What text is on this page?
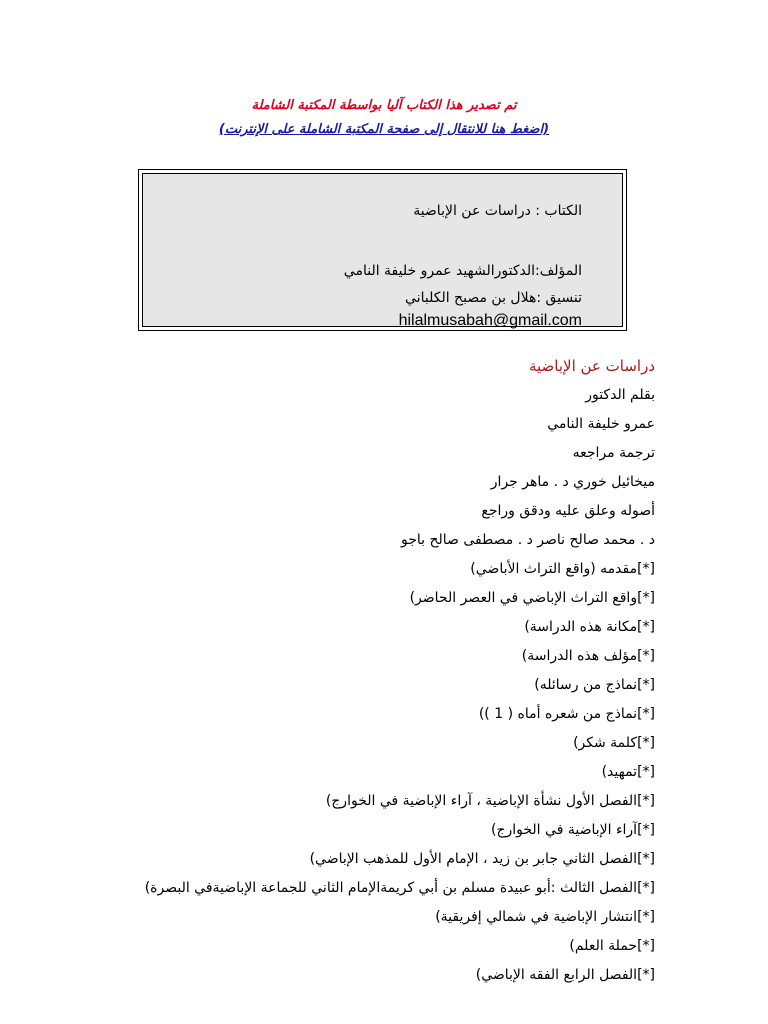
تم تصدير هذا الكتاب آليا بواسطة المكتبة الشاملة
(اضغط هنا للانتقال إلى صفحة المكتبة الشاملة على الإنترنت)
الكتاب : دراسات عن الإباضية
المؤلف:الدكتورالشهيد عمرو خليفة النامي
تنسيق :هلال بن مصبح الكلباني
hilalmusabah@gmail.com
دراسات عن الإباضية
بقلم الدكتور
عمرو خليفة النامي
ترجمة مراجعه
ميخائيل خوري د . ماهر جرار
أصوله وعلق عليه ودقق وراجع
د . محمد صالح ناصر د . مصطفى صالح باجو
[*]مقدمه (واقع التراث الأباضي)
[*]واقع التراث الإباضي في العصر الحاضر)
[*]مكانة هذه الدراسة)
[*]مؤلف هذه الدراسة)
[*]نماذج من رسائله)
[*]نماذج من شعره أماه ( 1 ))
[*]كلمة شكر)
[*]تمهيد)
[*]الفصل الأول نشأة الإباضية ، آراء الإباضية في الخوارج)
[*]آراء الإباضية في الخوارج)
[*]الفصل الثاني جابر بن زيد ، الإمام الأول للمذهب الإباضي)
[*]الفصل الثالث :أبو عبيدة مسلم بن أبي كريمةالإمام الثاني للجماعة الإباضيةفي البصرة)
[*]انتشار الإباضية في شمالي إفريقية)
[*]حملة العلم)
[*]الفصل الرابع الفقه الإباضي)
